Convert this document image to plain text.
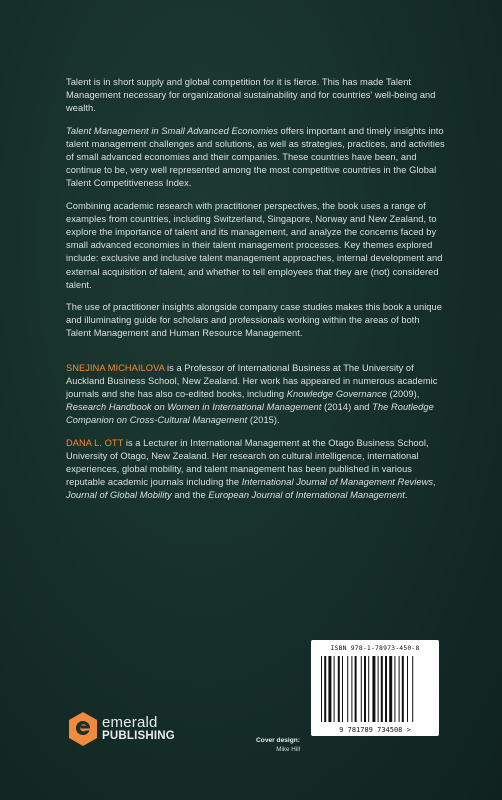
Talent is in short supply and global competition for it is fierce. This has made Talent Management necessary for organizational sustainability and for countries' well-being and wealth.

Talent Management in Small Advanced Economies offers important and timely insights into talent management challenges and solutions, as well as strategies, practices, and activities of small advanced economies and their companies. These countries have been, and continue to be, very well represented among the most competitive countries in the Global Talent Competitiveness Index.

Combining academic research with practitioner perspectives, the book uses a range of examples from countries, including Switzerland, Singapore, Norway and New Zealand, to explore the importance of talent and its management, and analyze the concerns faced by small advanced economies in their talent management processes. Key themes explored include: exclusive and inclusive talent management approaches, internal development and external acquisition of talent, and whether to tell employees that they are (not) considered talent.

The use of practitioner insights alongside company case studies makes this book a unique and illuminating guide for scholars and professionals working within the areas of both Talent Management and Human Resource Management.

SNEJINA MICHAILOVA is a Professor of International Business at The University of Auckland Business School, New Zealand. Her work has appeared in numerous academic journals and she has also co-edited books, including Knowledge Governance (2009), Research Handbook on Women in International Management (2014) and The Routledge Companion on Cross-Cultural Management (2015).

DANA L. OTT is a Lecturer in International Management at the Otago Business School, University of Otago, New Zealand. Her research on cultural intelligence, international experiences, global mobility, and talent management has been published in various reputable academic journals including the International Journal of Management Reviews, Journal of Global Mobility and the European Journal of International Management.

ISBN 978-1-78973-450-8
9 781789 734508 >
emerald
PUBLISHING	Cover design:
Mike Hill
